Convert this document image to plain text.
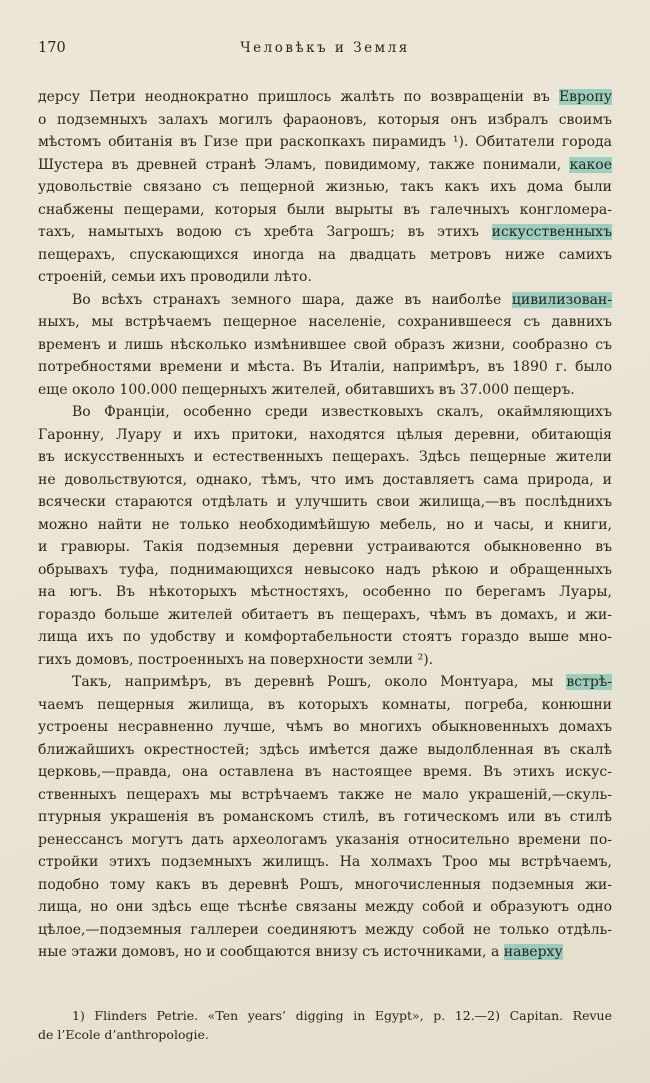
170	Человѣкъ и Земля
дерсу Петри неоднократно пришлось жалѣть по возвращеніи въ Европу
о подземныхъ залахъ могилъ фараоновъ, которыя онъ избралъ своимъ
мѣстомъ обитанія въ Гизе при раскопкахъ пирамидъ ¹). Обитатели города
Шустера въ древней странѣ Эламъ, повидимому, также понимали, какое
удовольствіе связано съ пещерной жизнью, такъ какъ ихъ дома были
снабжены пещерами, которыя были вырыты въ галечныхъ конгломера-
тахъ, намытыхъ водою съ хребта Загрошъ; въ этихъ искусственныхъ
пещерахъ, спускающихся иногда на двадцать метровъ ниже самихъ
строеній, семьи ихъ проводили лѣто.
Во всѣхъ странахъ земного шара, даже въ наиболѣе цивилизован-
ныхъ, мы встрѣчаемъ пещерное населеніе, сохранившееся съ давнихъ
временъ и лишь нѣсколько измѣнившее свой образъ жизни, сообразно съ
потребностями времени и мѣста. Въ Италіи, напримѣръ, въ 1890 г. было
еще около 100.000 пещерныхъ жителей, обитавшихъ въ 37.000 пещеръ.
Во Франціи, особенно среди известковыхъ скалъ, окаймляющихъ
Гаронну, Луару и ихъ притоки, находятся цѣлыя деревни, обитающія
въ искусственныхъ и естественныхъ пещерахъ. Здѣсь пещерные жители
не довольствуются, однако, тѣмъ, что имъ доставляетъ сама природа, и
всячески стараются отдѣлать и улучшить свои жилища,—въ послѣднихъ
можно найти не только необходимѣйшую мебель, но и часы, и книги,
и гравюры. Такія подземныя деревни устраиваются обыкновенно въ
обрывахъ туфа, поднимающихся невысоко надъ рѣкою и обращенныхъ
на югъ. Въ нѣкоторыхъ мѣстностяхъ, особенно по берегамъ Луары,
гораздо больше жителей обитаетъ въ пещерахъ, чѣмъ въ домахъ, и жи-
лища ихъ по удобству и комфортабельности стоятъ гораздо выше мно-
гихъ домовъ, построенныхъ на поверхности земли ²).
Такъ, напримѣръ, въ деревнѣ Рошъ, около Монтуара, мы встрѣ-
чаемъ пещерныя жилища, въ которыхъ комнаты, погреба, конюшни
устроены несравненно лучше, чѣмъ во многихъ обыкновенныхъ домахъ
ближайшихъ окрестностей; здѣсь имѣется даже выдолбленная въ скалѣ
церковь,—правда, она оставлена въ настоящее время. Въ этихъ искус-
ственныхъ пещерахъ мы встрѣчаемъ также не мало украшеній,—скуль-
птурныя украшенія въ романскомъ стилѣ, въ готическомъ или въ стилѣ
ренессансъ могутъ дать археологамъ указанія относительно времени по-
стройки этихъ подземныхъ жилищъ. На холмахъ Троо мы встрѣчаемъ,
подобно тому какъ въ деревнѣ Рошъ, многочисленныя подземныя жи-
лища, но они здѣсь еще тѣснѣе связаны между собой и образуютъ одно
цѣлое,—подземныя галлереи соединяютъ между собой не только отдѣль-
ные этажи домовъ, но и сообщаются внизу съ источниками, а наверху
1) Flinders Petrie. «Ten years’ digging in Egypt», p. 12.—2) Capitan. Revue
de l’Ecole d’anthropologie.
